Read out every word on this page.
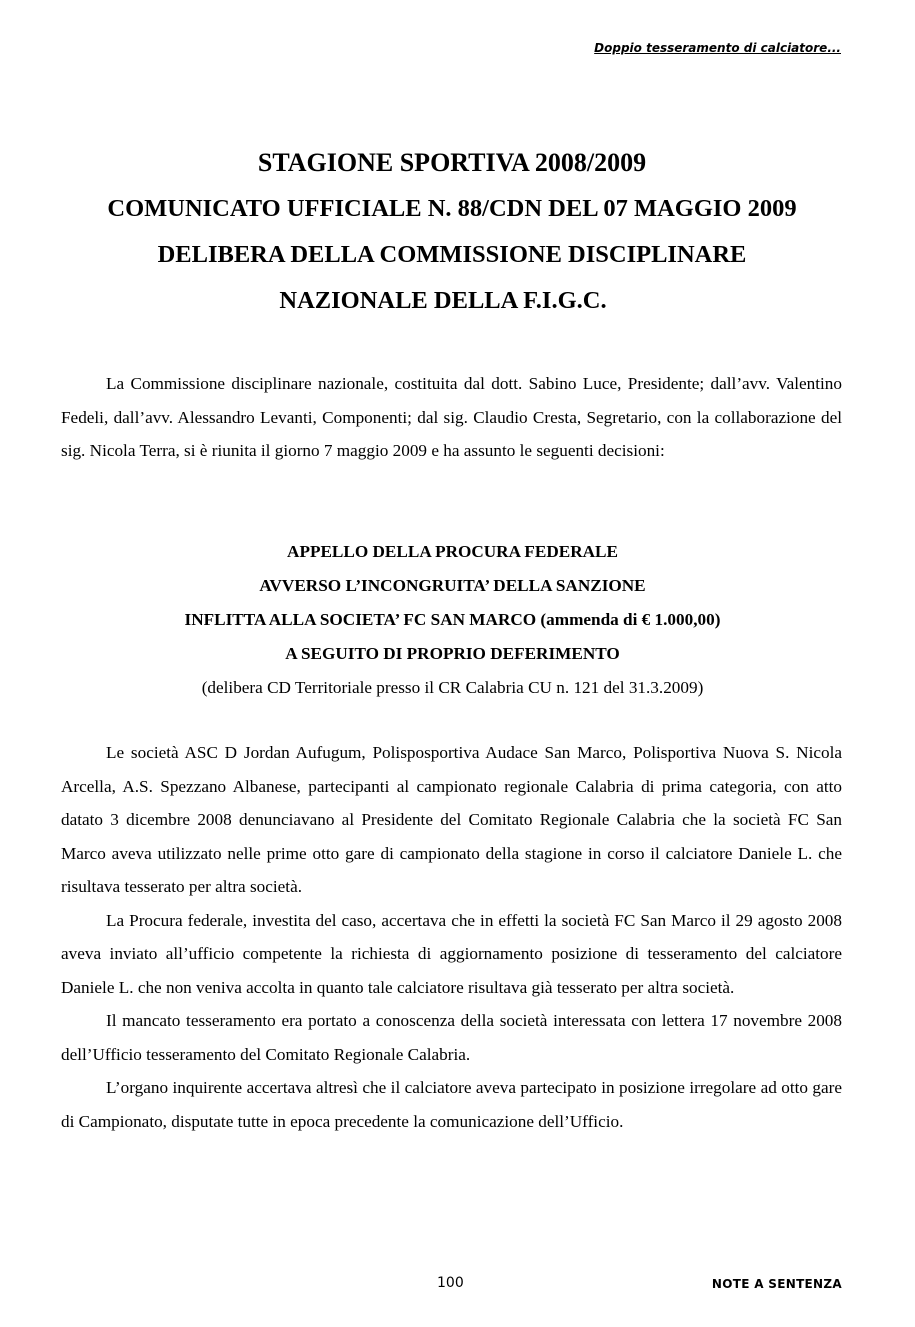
Doppio tesseramento di calciatore...
STAGIONE SPORTIVA 2008/2009
COMUNICATO UFFICIALE N. 88/CDN DEL 07 MAGGIO 2009
DELIBERA DELLA COMMISSIONE DISCIPLINARE
NAZIONALE DELLA F.I.G.C.

La Commissione disciplinare nazionale, costituita dal dott. Sabino Luce, Presidente; dall’avv. Valentino Fedeli, dall’avv. Alessandro Levanti, Componenti; dal sig. Claudio Cresta, Segretario, con la collaborazione del sig. Nicola Terra, si è riunita il giorno 7 maggio 2009 e ha assunto le seguenti decisioni:

APPELLO DELLA PROCURA FEDERALE
AVVERSO L’INCONGRUITA’ DELLA SANZIONE
INFLITTA ALLA SOCIETA’ FC SAN MARCO (ammenda di € 1.000,00)
A SEGUITO DI PROPRIO DEFERIMENTO
(delibera CD Territoriale presso il CR Calabria CU n. 121 del 31.3.2009)

Le società ASC D Jordan Aufugum, Polisposportiva Audace San Marco, Polisportiva Nuova S. Nicola Arcella, A.S. Spezzano Albanese, partecipanti al campionato regionale Calabria di prima categoria, con atto datato 3 dicembre 2008 denunciavano al Presidente del Comitato Regionale Calabria che la società FC San Marco aveva utilizzato nelle prime otto gare di campionato della stagione in corso il calciatore Daniele L. che risultava tesserato per altra società.

La Procura federale, investita del caso, accertava che in effetti la società FC San Marco il 29 agosto 2008 aveva inviato all’ufficio competente la richiesta di aggiornamento posizione di tesseramento del calciatore Daniele L. che non veniva accolta in quanto tale calciatore risultava già tesserato per altra società.

Il mancato tesseramento era portato a conoscenza della società interessata con lettera 17 novembre 2008 dell’Ufficio tesseramento del Comitato Regionale Calabria.

L’organo inquirente accertava altresì che il calciatore aveva partecipato in posizione irregolare ad otto gare di Campionato, disputate tutte in epoca precedente la comunicazione dell’Ufficio.

100	NOTE A SENTENZA
